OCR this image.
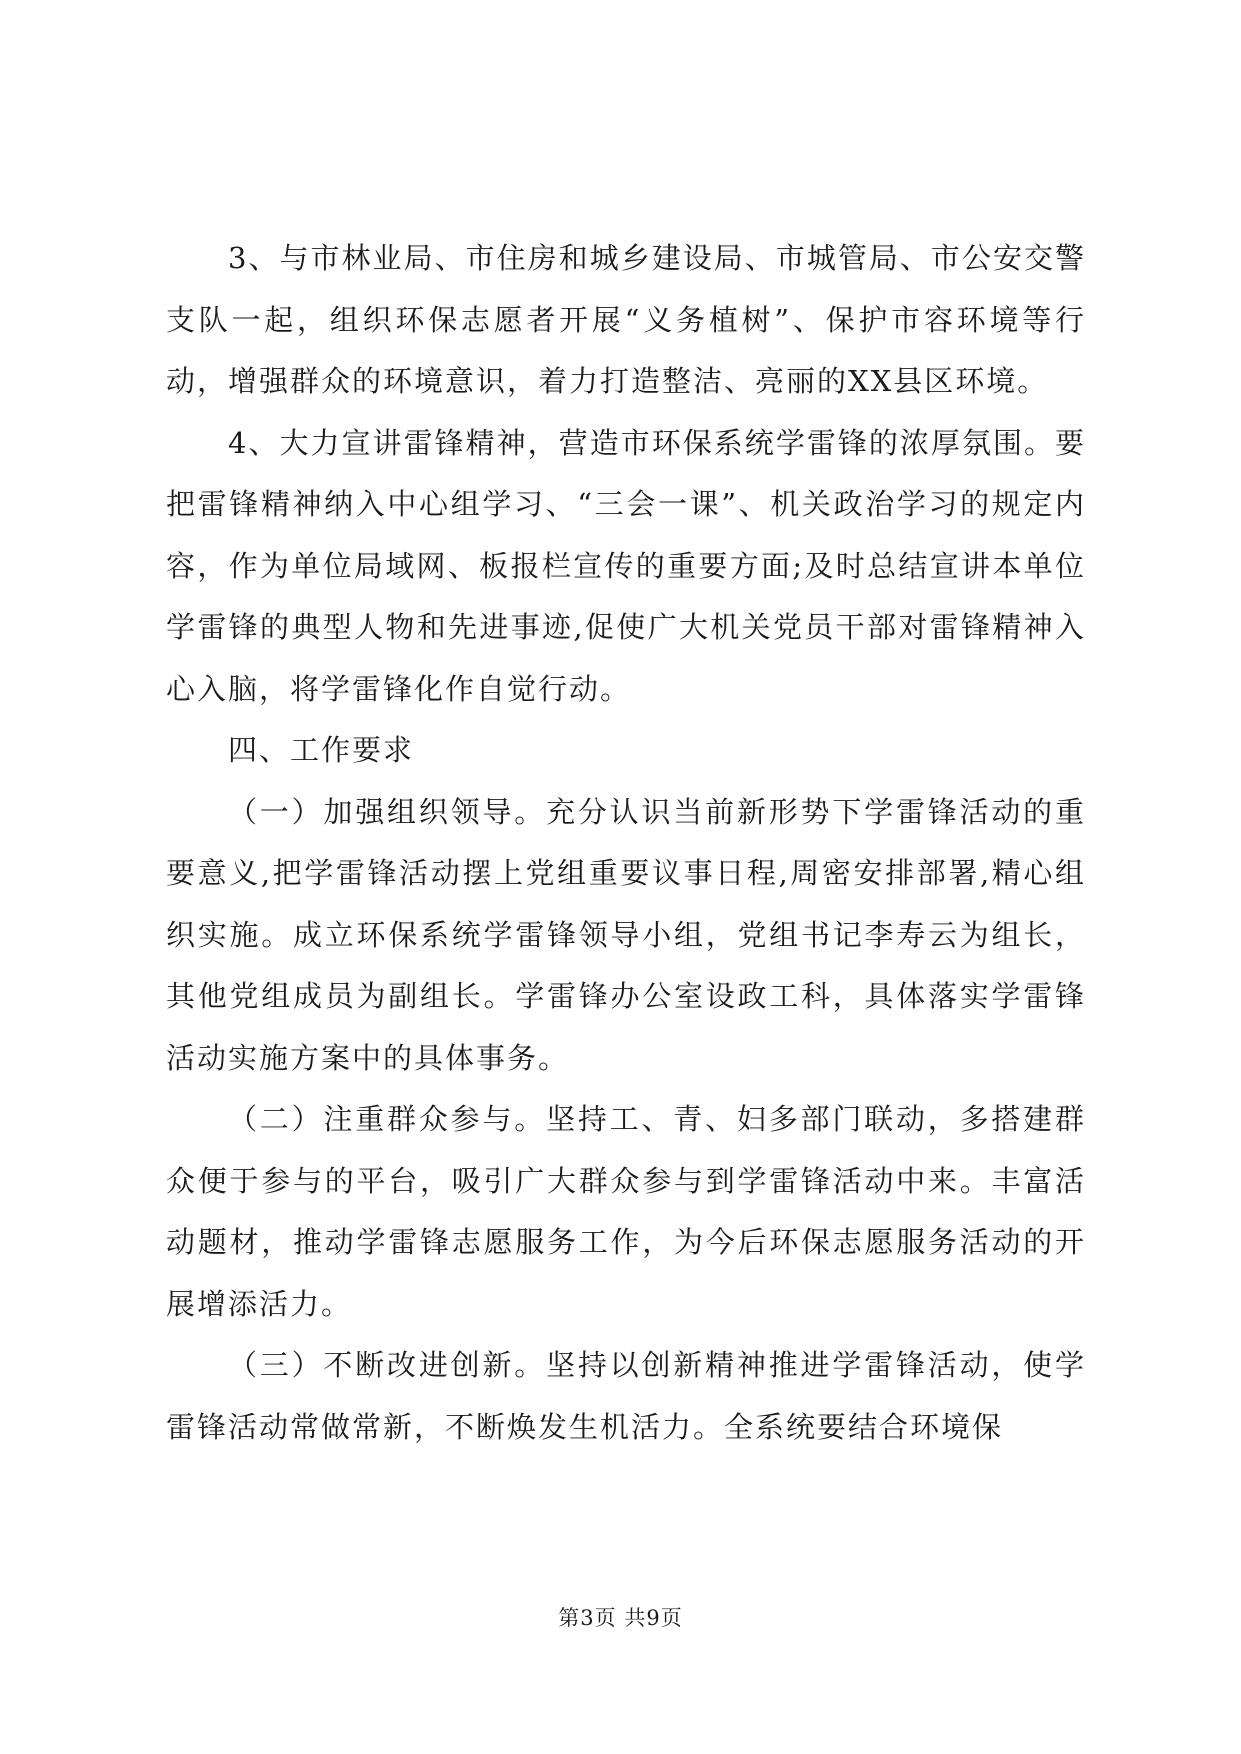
3、与市林业局、市住房和城乡建设局、市城管局、市公安交警支队一起，组织环保志愿者开展“义务植树”、保护市容环境等行动，增强群众的环境意识，着力打造整洁、亮丽的XX县区环境。

4、大力宣讲雷锋精神，营造市环保系统学雷锋的浓厚氛围。要把雷锋精神纳入中心组学习、“三会一课”、机关政治学习的规定内容，作为单位局域网、板报栏宣传的重要方面;及时总结宣讲本单位学雷锋的典型人物和先进事迹,促使广大机关党员干部对雷锋精神入心入脑，将学雷锋化作自觉行动。

四、工作要求

（一）加强组织领导。充分认识当前新形势下学雷锋活动的重要意义,把学雷锋活动摆上党组重要议事日程,周密安排部署,精心组织实施。成立环保系统学雷锋领导小组，党组书记李寿云为组长，其他党组成员为副组长。学雷锋办公室设政工科，具体落实学雷锋活动实施方案中的具体事务。

（二）注重群众参与。坚持工、青、妇多部门联动，多搭建群众便于参与的平台，吸引广大群众参与到学雷锋活动中来。丰富活动题材，推动学雷锋志愿服务工作，为今后环保志愿服务活动的开展增添活力。

（三）不断改进创新。坚持以创新精神推进学雷锋活动，使学雷锋活动常做常新，不断焕发生机活力。全系统要结合环境保

第3页 共9页
